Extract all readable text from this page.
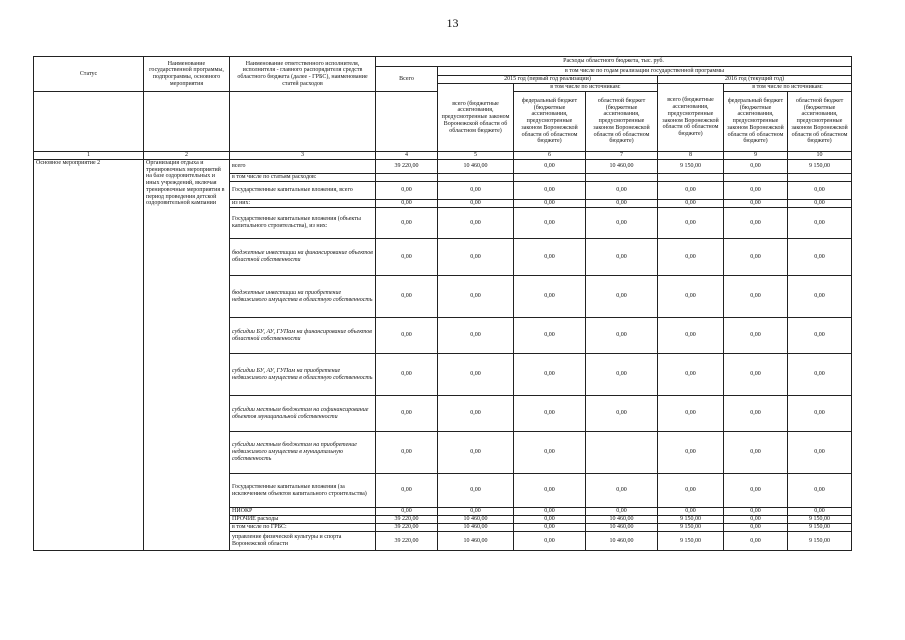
13
Статус	Наименование государственной программы, подпрограммы, основного мероприятия	Наименование ответственного исполнителя, исполнителя - главного распорядителя средств областного бюджета (далее - ГРБС), наименование статей расходов	Расходы областного бюджета, тыс. руб.						
			Всего	в том числе по годам реализации государственной программы					
				2015 год (первый год реализации)			2016 год (текущий год)		
				всего (бюджетные ассигнования, предусмотренные законом Воронежской области об областном бюджете)	в том числе по источникам:		всего (бюджетные ассигнования, предусмотренные законом Воронежской области об областном бюджете)	в том числе по источникам:	
					федеральный бюджет (бюджетные ассигнования, предусмотренные законом Воронежской области об областном бюджете)	областной бюджет (бюджетные ассигнования, предусмотренные законом Воронежской области об областном бюджете)		федеральный бюджет (бюджетные ассигнования, предусмотренные законом Воронежской области об областном бюджете)	областной бюджет (бюджетные ассигнования, предусмотренные законом Воронежской области об областном бюджете)
1	2	3	4	5	6	7	8	9	10
Основное мероприятие 2	Организация отдыха и тренировочных мероприятий на базе оздоровительных и иных учреждений, включая тренировочные мероприятия в период проведения детской оздоровительной кампании	всего	39 220,00	10 460,00	0,00	10 460,00	9 150,00	0,00	9 150,00
		в том числе по статьям расходов:							
		Государственные капитальные вложения, всего	0,00	0,00	0,00	0,00	0,00	0,00	0,00
		из них:	0,00	0,00	0,00	0,00	0,00	0,00	0,00
		Государственные капитальные вложения (объекты капитального строительства), из них:	0,00	0,00	0,00	0,00	0,00	0,00	0,00
		бюджетные инвестиции на финансирование объектов областной собственности	0,00	0,00	0,00	0,00	0,00	0,00	0,00
		бюджетные инвестиции на приобретение недвижимого имущества в областную собственность	0,00	0,00	0,00	0,00	0,00	0,00	0,00
		субсидии БУ, АУ, ГУПам на финансирование объектов областной собственности	0,00	0,00	0,00	0,00	0,00	0,00	0,00
		субсидии БУ, АУ, ГУПам на приобретение недвижимого имущества в областную собственность	0,00	0,00	0,00	0,00	0,00	0,00	0,00
		субсидии местным бюджетам на софинансирование объектов муниципальной собственности	0,00	0,00	0,00	0,00	0,00	0,00	0,00
		субсидии местным бюджетам на приобретение недвижимого имущества в муниципальную собственность	0,00	0,00	0,00		0,00	0,00	0,00
		Государственные капитальные вложения (за исключением объектов капитального строительства)	0,00	0,00	0,00	0,00	0,00	0,00	0,00
		НИОКР	0,00	0,00	0,00	0,00	0,00	0,00	0,00
		ПРОЧИЕ расходы	39 220,00	10 460,00	0,00	10 460,00	9 150,00	0,00	9 150,00
		в том числе по ГРБС:	39 220,00	10 460,00	0,00	10 460,00	9 150,00	0,00	9 150,00
		управление физической культуры и спорта Воронежской области	39 220,00	10 460,00	0,00	10 460,00	9 150,00	0,00	9 150,00
